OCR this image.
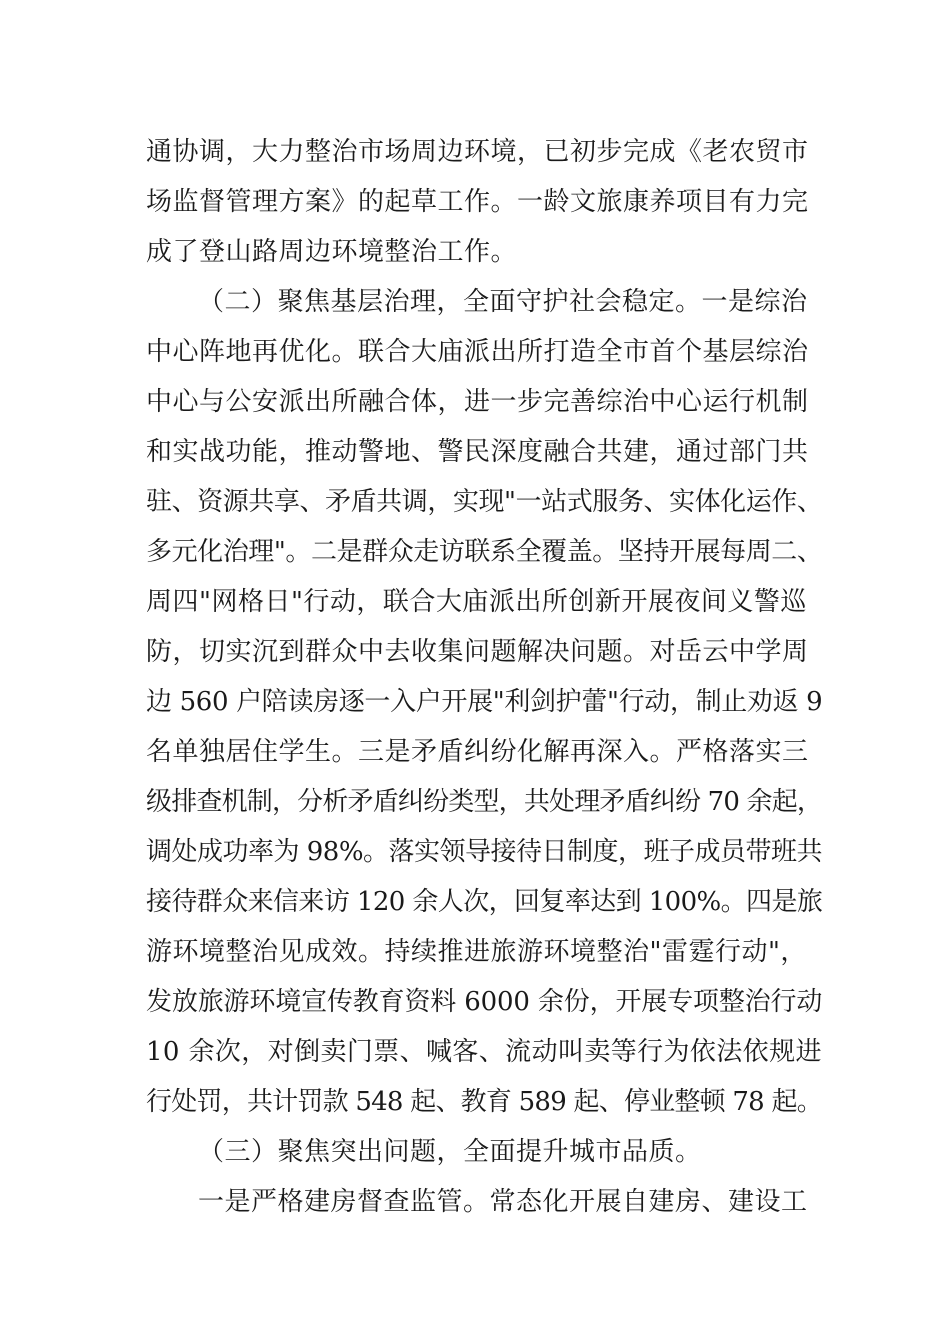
通协调，大力整治市场周边环境，已初步完成《老农贸市
场监督管理方案》的起草工作。一龄文旅康养项目有力完
成了登山路周边环境整治工作。
（二）聚焦基层治理，全面守护社会稳定。一是综治
中心阵地再优化。联合大庙派出所打造全市首个基层综治
中心与公安派出所融合体，进一步完善综治中心运行机制
和实战功能，推动警地、警民深度融合共建，通过部门共
驻、资源共享、矛盾共调，实现"一站式服务、实体化运作、
多元化治理"。二是群众走访联系全覆盖。坚持开展每周二、
周四"网格日"行动，联合大庙派出所创新开展夜间义警巡
防，切实沉到群众中去收集问题解决问题。对岳云中学周
边 560 户陪读房逐一入户开展"利剑护蕾"行动，制止劝返 9
名单独居住学生。三是矛盾纠纷化解再深入。严格落实三
级排查机制，分析矛盾纠纷类型，共处理矛盾纠纷 70 余起，
调处成功率为 98%。落实领导接待日制度，班子成员带班共
接待群众来信来访 120 余人次，回复率达到 100%。四是旅
游环境整治见成效。持续推进旅游环境整治"雷霆行动"，
发放旅游环境宣传教育资料 6000 余份，开展专项整治行动
10 余次，对倒卖门票、喊客、流动叫卖等行为依法依规进
行处罚，共计罚款 548 起、教育 589 起、停业整顿 78 起。
（三）聚焦突出问题，全面提升城市品质。
一是严格建房督查监管。常态化开展自建房、建设工
